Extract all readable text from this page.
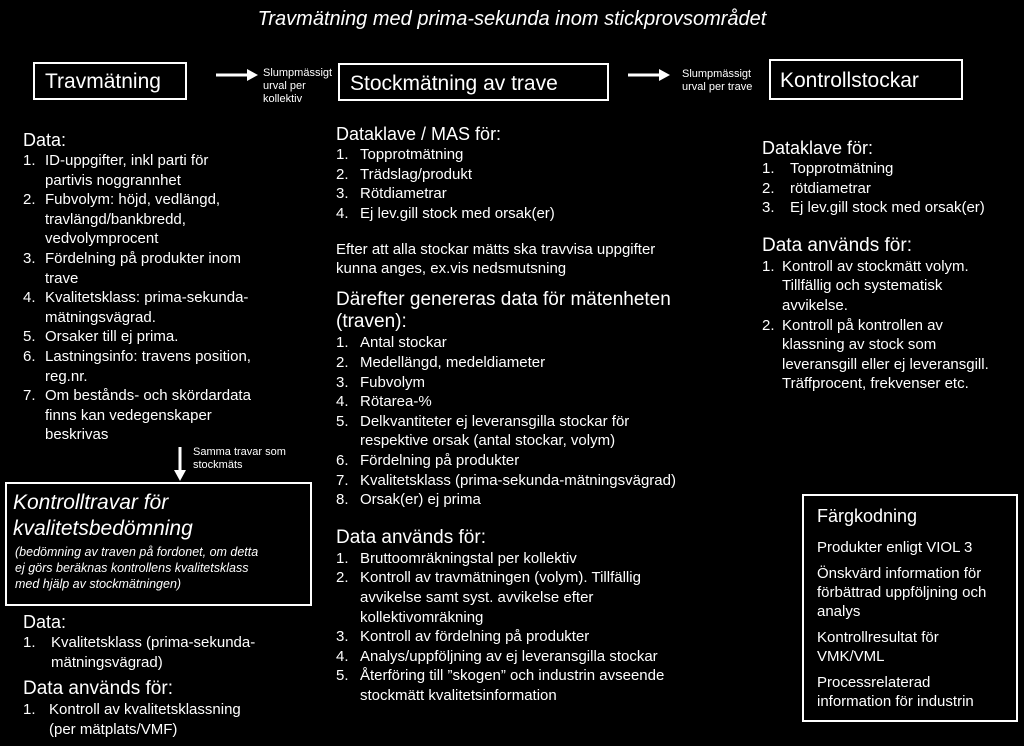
Travmätning med prima-sekunda inom stickprovsområdet
Travmätning	Stockmätning av trave	Kontrollstockar
Slumpmässigt
urval per
kollektiv
Slumpmässigt
urval per trave
Samma travar som
stockmäts

Data:

1. ID-uppgifter, inkl parti för
partivis noggrannhet
2. Fubvolym: höjd, vedlängd,
travlängd/bankbredd,
vedvolymprocent
3. Fördelning på produkter inom
trave
4. Kvalitetsklass: prima-sekunda-
mätningsvägrad.
5. Orsaker till ej prima.
6. Lastningsinfo: travens position,
reg.nr.
7. Om bestånds- och skördardata
finns kan vedegenskaper
beskrivas
Kontrolltravar för
kvalitetsbedömning
(bedömning av traven på fordonet, om detta
ej görs beräknas kontrollens kvalitetsklass
med hjälp av stockmätningen)

Data:

1.	Kvalitetsklass (prima-sekunda-
mätningsvägrad)

Data används för:

1. Kontroll av kvalitetsklassning
(per mätplats/VMF)

Dataklave / MAS för:

1. Topprotmätning
2. Trädslag/produkt
3. Rötdiametrar
4. Ej lev.gill stock med orsak(er)
Efter att alla stockar mätts ska travvisa uppgifter
kunna anges, ex.vis nedsmutsning
Därefter genereras data för mätenheten
(traven):
1. Antal stockar
2. Medellängd, medeldiameter
3. Fubvolym
4. Rötarea-%
5. Delkvantiteter ej leveransgilla stockar för
respektive orsak (antal stockar, volym)
6. Fördelning på produkter
7. Kvalitetsklass (prima-sekunda-mätningsvägrad)
8. Orsak(er) ej prima

Data används för:

1. Bruttoomräkningstal per kollektiv
2. Kontroll av travmätningen (volym). Tillfällig
avvikelse samt syst. avvikelse efter
kollektivomräkning
3. Kontroll av fördelning på produkter
4. Analys/uppföljning av ej leveransgilla stockar
5. Återföring till ”skogen” och industrin avseende
stockmätt kvalitetsinformation

Dataklave för:

1.	Topprotmätning
2.	rötdiametrar
3.	Ej lev.gill stock med orsak(er)

Data används för:

1. Kontroll av stockmätt volym.
Tillfällig och systematisk
avvikelse.
2. Kontroll på kontrollen av
klassning av stock som
leveransgill eller ej leveransgill.
Träffprocent, frekvenser etc.
Färgkodning

Produkter enligt VIOL 3

Önskvärd information för
förbättrad uppföljning och
analys

Kontrollresultat för
VMK/VML

Processrelaterad
information för industrin
